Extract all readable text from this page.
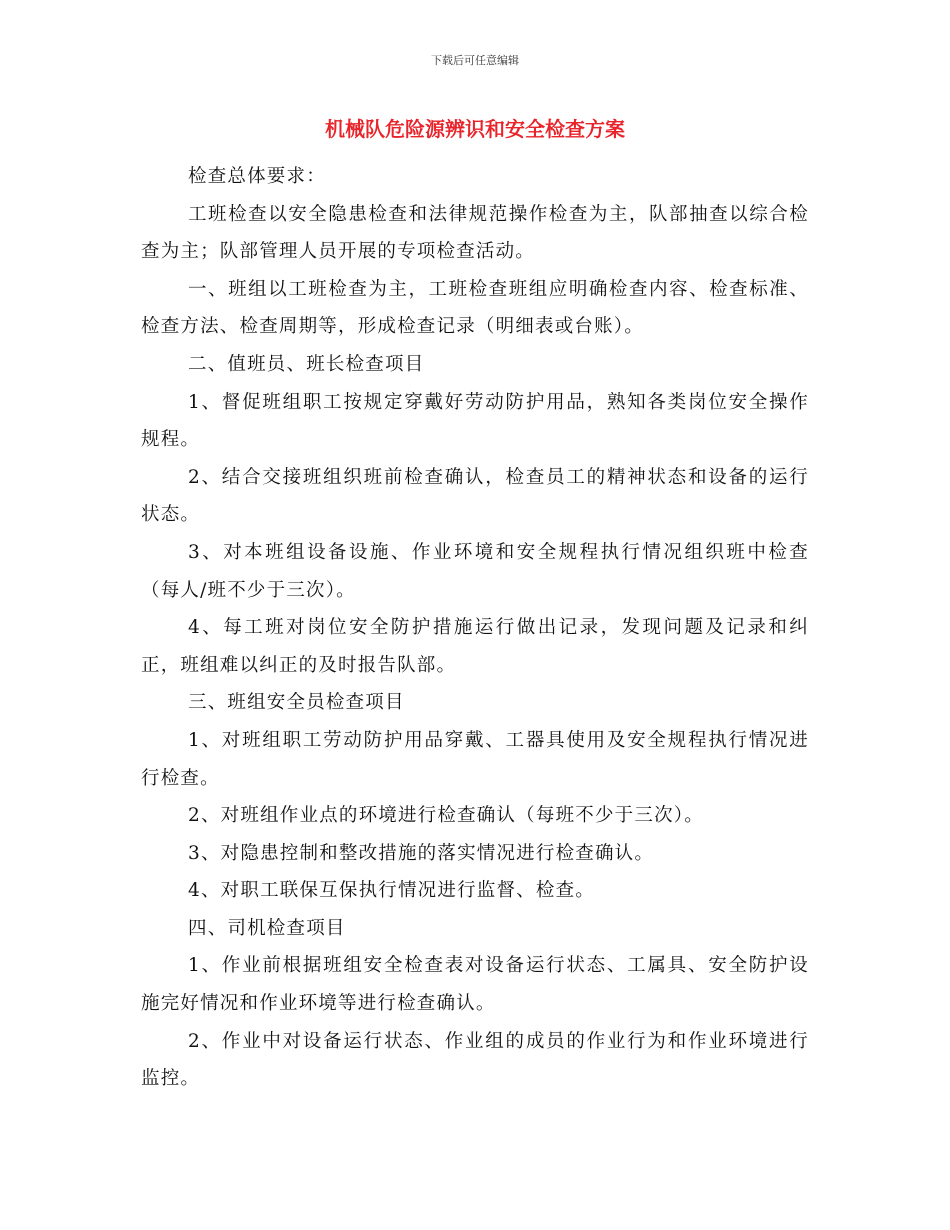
下载后可任意编辑
机械队危险源辨识和安全检查方案

检查总体要求：

工班检查以安全隐患检查和法律规范操作检查为主，队部抽查以综合检查为主；队部管理人员开展的专项检查活动。

一、班组以工班检查为主，工班检查班组应明确检查内容、检查标准、检查方法、检查周期等，形成检查记录（明细表或台账）。

二、值班员、班长检查项目

1、督促班组职工按规定穿戴好劳动防护用品，熟知各类岗位安全操作规程。

2、结合交接班组织班前检查确认，检查员工的精神状态和设备的运行状态。

3、对本班组设备设施、作业环境和安全规程执行情况组织班中检查（每人/班不少于三次）。

4、每工班对岗位安全防护措施运行做出记录，发现问题及记录和纠正，班组难以纠正的及时报告队部。

三、班组安全员检查项目

1、对班组职工劳动防护用品穿戴、工器具使用及安全规程执行情况进行检查。

2、对班组作业点的环境进行检查确认（每班不少于三次）。

3、对隐患控制和整改措施的落实情况进行检查确认。

4、对职工联保互保执行情况进行监督、检查。

四、司机检查项目

1、作业前根据班组安全检查表对设备运行状态、工属具、安全防护设施完好情况和作业环境等进行检查确认。

2、作业中对设备运行状态、作业组的成员的作业行为和作业环境进行监控。
